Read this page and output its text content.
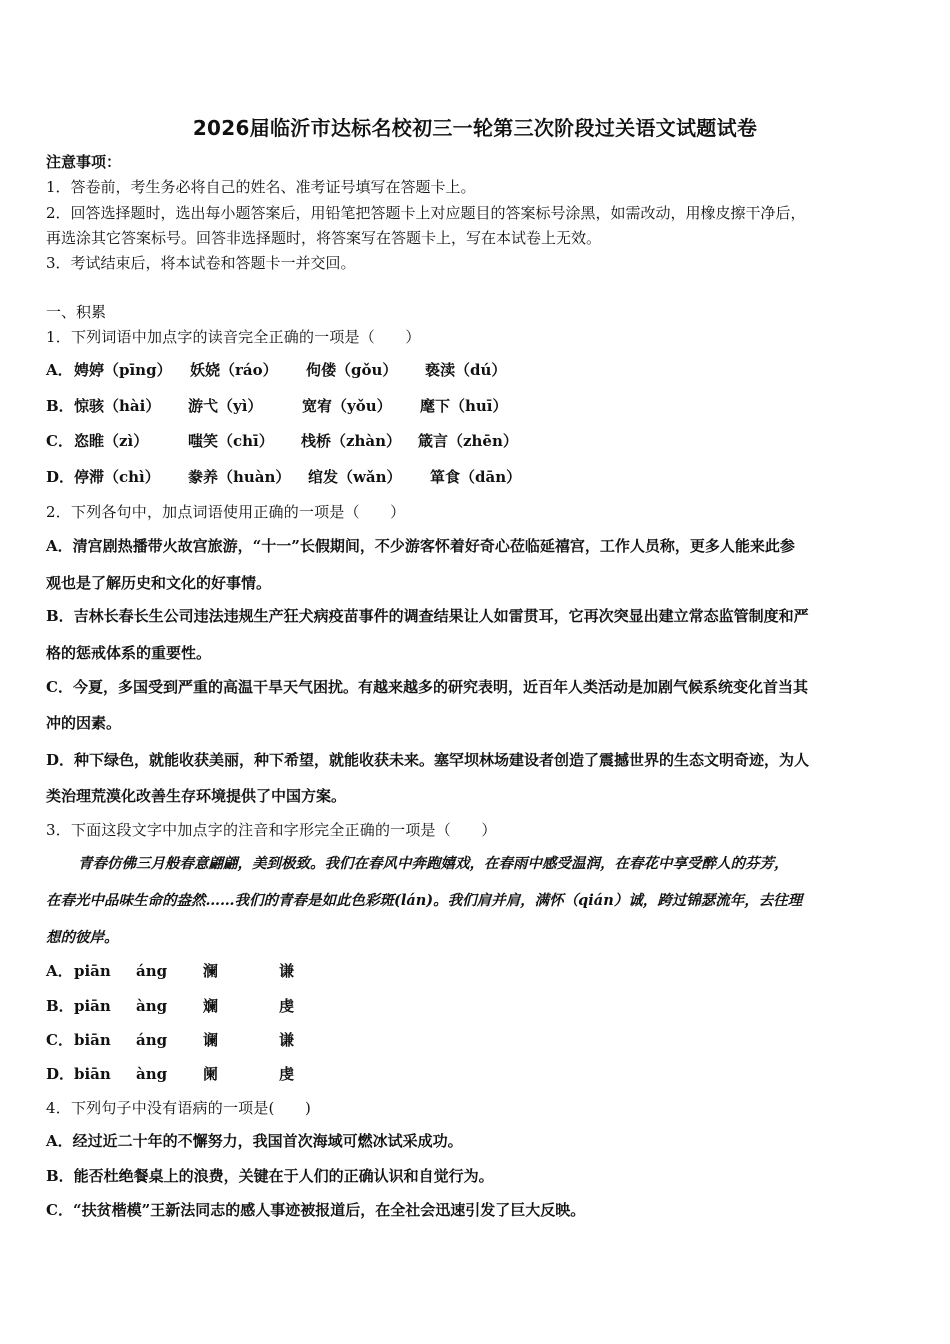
2026届临沂市达标名校初三一轮第三次阶段过关语文试题试卷
注意事项：
1．答卷前，考生务必将自己的姓名、准考证号填写在答题卡上。
2．回答选择题时，选出每小题答案后，用铅笔把答题卡上对应题目的答案标号涂黑，如需改动，用橡皮擦干净后，
再选涂其它答案标号。回答非选择题时，将答案写在答题卡上，写在本试卷上无效。
3．考试结束后，将本试卷和答题卡一并交回。
一、积累
1．下列词语中加点字的读音完全正确的一项是（　　）
A． 娉婷（pīng） 妖娆（ráo） 佝偻（gǒu） 亵渎（dú）
B． 惊骇（hài） 游弋（yì）	宽宥（yǒu） 麾下（huī）
C． 恣睢（zì）	嗤笑（chī） 栈桥（zhàn） 箴言（zhēn）
D． 停滞（chì） 豢养（huàn） 绾发（wǎn） 箪食（dān）
2．下列各句中，加点词语使用正确的一项是（　　）
A．清宫剧热播带火故宫旅游，“十一”长假期间，不少游客怀着好奇心莅临延禧宫，工作人员称，更多人能来此参
观也是了解历史和文化的好事情。
B．吉林长春长生公司违法违规生产狂犬病疫苗事件的调查结果让人如雷贯耳，它再次突显出建立常态监管制度和严
格的惩戒体系的重要性。
C．今夏，多国受到严重的高温干旱天气困扰。有越来越多的研究表明，近百年人类活动是加剧气候系统变化首当其
冲的因素。
D．种下绿色，就能收获美丽，种下希望，就能收获未来。塞罕坝林场建设者创造了震撼世界的生态文明奇迹，为人
类治理荒漠化改善生存环境提供了中国方案。
3．下面这段文字中加点字的注音和字形完全正确的一项是（　　）
青春仿佛三月般春意翩翩，美到极致。我们在春风中奔跑嬉戏，在春雨中感受温润，在春花中享受醉人的芬芳，
在春光中品味生命的盎然……我们的青春是如此色彩斑(lán)。我们肩并肩，满怀（qián）诚，跨过锦瑟流年，去往理
想的彼岸。
A． piān áng 澜	谦
B． piān àng 斓	虔
C． biān áng 谰	谦
D． biān àng 阑	虔
4．下列句子中没有语病的一项是(　　)
A．经过近二十年的不懈努力，我国首次海域可燃冰试采成功。
B．能否杜绝餐桌上的浪费，关键在于人们的正确认识和自觉行为。
C．“扶贫楷模”王新法同志的感人事迹被报道后，在全社会迅速引发了巨大反映。
